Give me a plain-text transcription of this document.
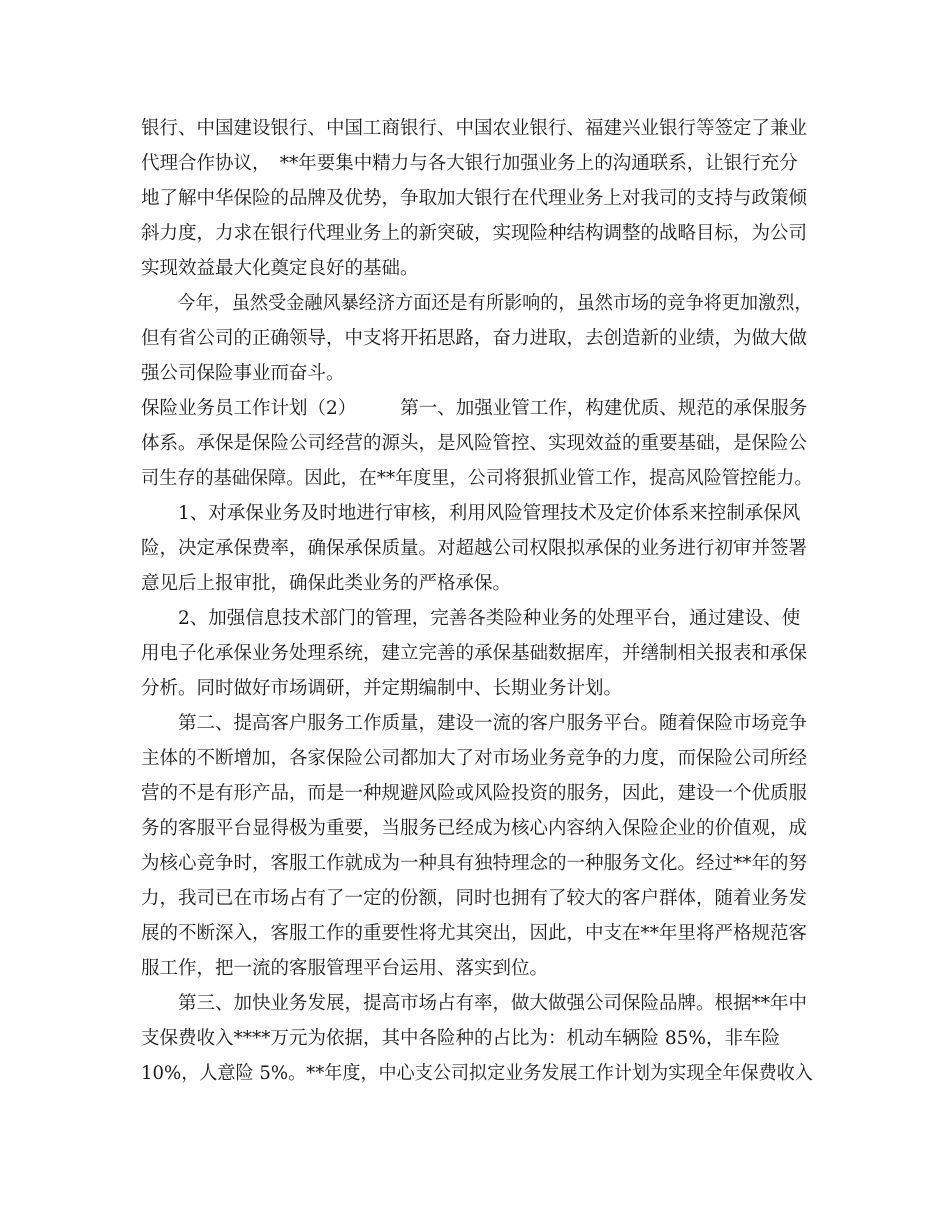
银行、中国建设银行、中国工商银行、中国农业银行、福建兴业银行等签定了兼业
代理合作协议，　**年要集中精力与各大银行加强业务上的沟通联系，让银行充分
地了解中华保险的品牌及优势，争取加大银行在代理业务上对我司的支持与政策倾
斜力度，力求在银行代理业务上的新突破，实现险种结构调整的战略目标，为公司
实现效益最大化奠定良好的基础。
今年，虽然受金融风暴经济方面还是有所影响的，虽然市场的竞争将更加激烈，
但有省公司的正确领导，中支将开拓思路，奋力进取，去创造新的业绩，为做大做
强公司保险事业而奋斗。
保险业务员工作计划（2） 第一、加强业管工作，构建优质、规范的承保服务
体系。承保是保险公司经营的源头，是风险管控、实现效益的重要基础，是保险公
司生存的基础保障。因此，在**年度里，公司将狠抓业管工作，提高风险管控能力。
1、对承保业务及时地进行审核，利用风险管理技术及定价体系来控制承保风
险，决定承保费率，确保承保质量。对超越公司权限拟承保的业务进行初审并签署
意见后上报审批，确保此类业务的严格承保。
2、加强信息技术部门的管理，完善各类险种业务的处理平台，通过建设、使
用电子化承保业务处理系统，建立完善的承保基础数据库，并缮制相关报表和承保
分析。同时做好市场调研，并定期编制中、长期业务计划。
第二、提高客户服务工作质量，建设一流的客户服务平台。随着保险市场竞争
主体的不断增加，各家保险公司都加大了对市场业务竞争的力度，而保险公司所经
营的不是有形产品，而是一种规避风险或风险投资的服务，因此，建设一个优质服
务的客服平台显得极为重要，当服务已经成为核心内容纳入保险企业的价值观，成
为核心竞争时，客服工作就成为一种具有独特理念的一种服务文化。经过**年的努
力，我司已在市场占有了一定的份额，同时也拥有了较大的客户群体，随着业务发
展的不断深入，客服工作的重要性将尤其突出，因此，中支在**年里将严格规范客
服工作，把一流的客服管理平台运用、落实到位。
第三、加快业务发展，提高市场占有率，做大做强公司保险品牌。根据**年中
支保费收入****万元为依据，其中各险种的占比为：机动车辆险 85%，非车险
10%，人意险 5%。**年度，中心支公司拟定业务发展工作计划为实现全年保费收入
